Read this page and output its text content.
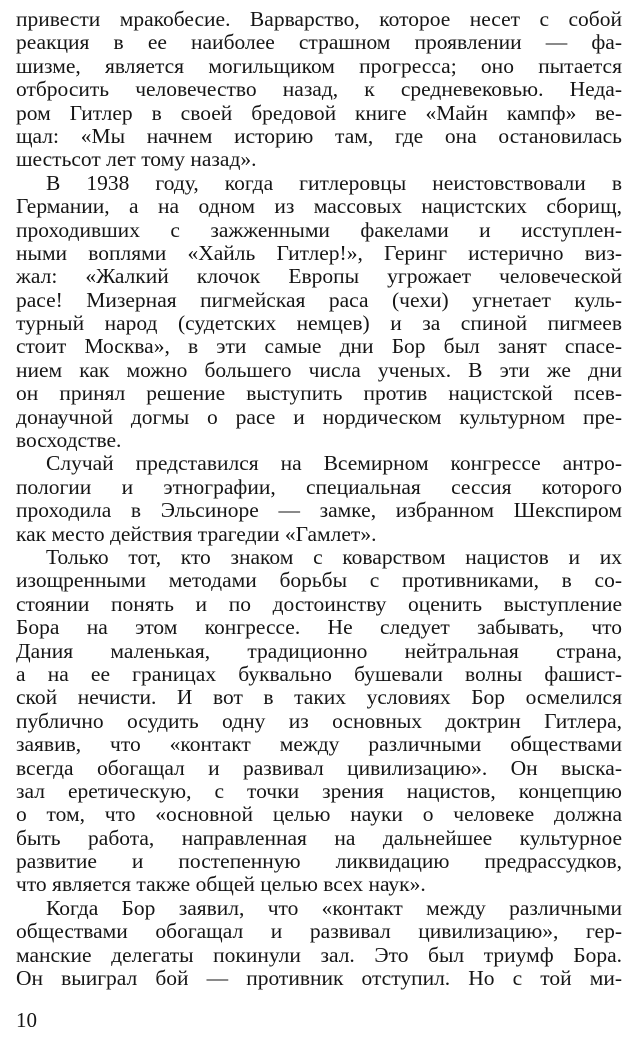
привести мракобесие. Варварство, которое несет с собой
реакция в ее наиболее страшном проявлении — фа-
шизме, является могильщиком прогресса; оно пытается
отбросить человечество назад, к средневековью. Неда-
ром Гитлер в своей бредовой книге «Майн кампф» ве-
щал: «Мы начнем историю там, где она остановилась
шестьсот лет тому назад».
В 1938 году, когда гитлеровцы неистовствовали в
Германии, а на одном из массовых нацистских сборищ,
проходивших с зажженными факелами и исступлен-
ными воплями «Хайль Гитлер!», Геринг истерично виз-
жал: «Жалкий клочок Европы угрожает человеческой
расе! Мизерная пигмейская раса (чехи) угнетает куль-
турный народ (судетских немцев) и за спиной пигмеев
стоит Москва», в эти самые дни Бор был занят спасе-
нием как можно большего числа ученых. В эти же дни
он принял решение выступить против нацистской псев-
донаучной догмы о расе и нордическом культурном пре-
восходстве.
Случай представился на Всемирном конгрессе антро-
пологии и этнографии, специальная сессия которого
проходила в Эльсиноре — замке, избранном Шекспиром
как место действия трагедии «Гамлет».
Только тот, кто знаком с коварством нацистов и их
изощренными методами борьбы с противниками, в со-
стоянии понять и по достоинству оценить выступление
Бора на этом конгрессе. Не следует забывать, что
Дания маленькая, традиционно нейтральная страна,
а на ее границах буквально бушевали волны фашист-
ской нечисти. И вот в таких условиях Бор осмелился
публично осудить одну из основных доктрин Гитлера,
заявив, что «контакт между различными обществами
всегда обогащал и развивал цивилизацию». Он выска-
зал еретическую, с точки зрения нацистов, концепцию
о том, что «основной целью науки о человеке должна
быть работа, направленная на дальнейшее культурное
развитие и постепенную ликвидацию предрассудков,
что является также общей целью всех наук».
Когда Бор заявил, что «контакт между различными
обществами обогащал и развивал цивилизацию», гер-
манские делегаты покинули зал. Это был триумф Бора.
Он выиграл бой — противник отступил. Но с той ми-
10
